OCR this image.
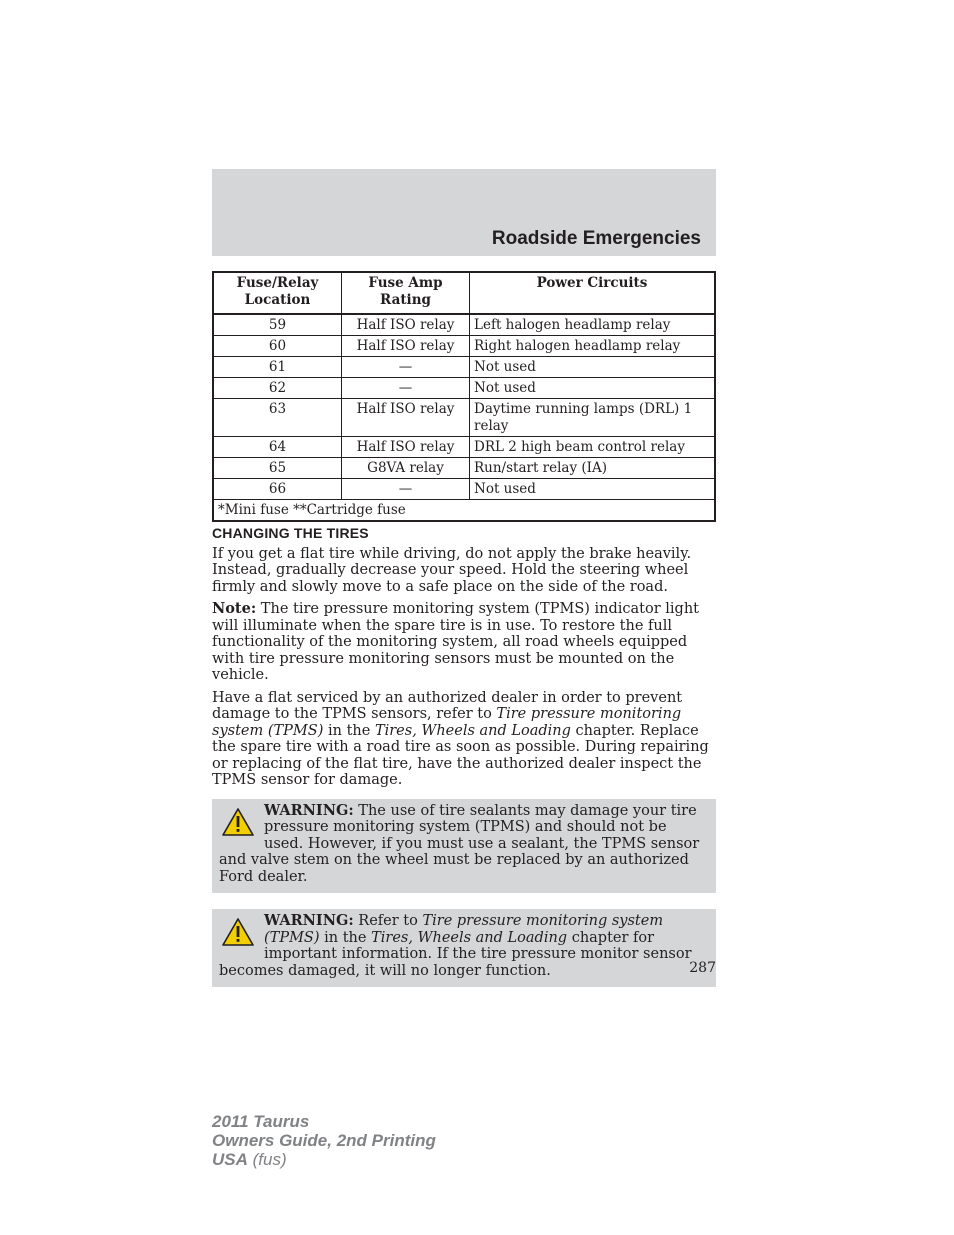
Roadside Emergencies
Fuse/Relay Location	Fuse Amp Rating	Power Circuits
59	Half ISO relay	Left halogen headlamp relay
60	Half ISO relay	Right halogen headlamp relay
61	—	Not used
62	—	Not used
63	Half ISO relay	Daytime running lamps (DRL) 1 relay
64	Half ISO relay	DRL 2 high beam control relay
65	G8VA relay	Run/start relay (IA)
66	—	Not used
*Mini fuse **Cartridge fuse		
CHANGING THE TIRES

If you get a flat tire while driving, do not apply the brake heavily. Instead, gradually decrease your speed. Hold the steering wheel firmly and slowly move to a safe place on the side of the road.

Note: The tire pressure monitoring system (TPMS) indicator light will illuminate when the spare tire is in use. To restore the full functionality of the monitoring system, all road wheels equipped with tire pressure monitoring sensors must be mounted on the vehicle.

Have a flat serviced by an authorized dealer in order to prevent damage to the TPMS sensors, refer to Tire pressure monitoring system (TPMS) in the Tires, Wheels and Loading chapter. Replace the spare tire with a road tire as soon as possible. During repairing or replacing of the flat tire, have the authorized dealer inspect the TPMS sensor for damage.

WARNING: The use of tire sealants may damage your tire pressure monitoring system (TPMS) and should not be used. However, if you must use a sealant, the TPMS sensor and valve stem on the wheel must be replaced by an authorized Ford dealer.
WARNING: Refer to Tire pressure monitoring system (TPMS) in the Tires, Wheels and Loading chapter for important information. If the tire pressure monitor sensor becomes damaged, it will no longer function.	287
2011 Taurus
Owners Guide, 2nd Printing
USA (fus)
